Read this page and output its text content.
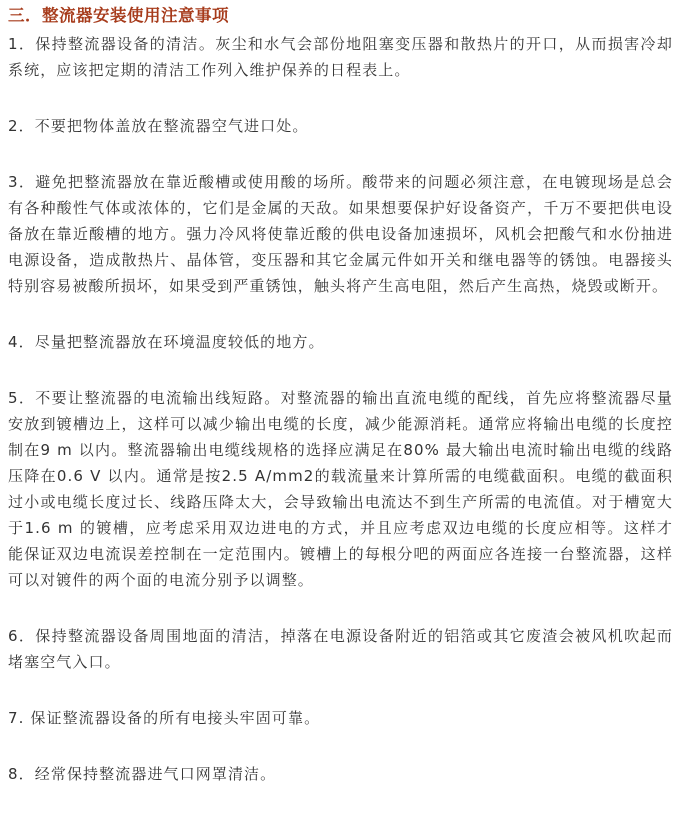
三．整流器安装使用注意事项

1．保持整流器设备的清洁。灰尘和水气会部份地阻塞变压器和散热片的开口，从而损害冷却系统，应该把定期的清洁工作列入维护保养的日程表上。

2．不要把物体盖放在整流器空气进口处。

3．避免把整流器放在靠近酸槽或使用酸的场所。酸带来的问题必须注意，在电镀现场是总会有各种酸性气体或浓体的，它们是金属的天敌。如果想要保护好设备资产，千万不要把供电设备放在靠近酸槽的地方。强力冷风将使靠近酸的供电设备加速损坏，风机会把酸气和水份抽进电源设备，造成散热片、晶体管，变压器和其它金属元件如开关和继电器等的锈蚀。电器接头特别容易被酸所损坏，如果受到严重锈蚀，触头将产生高电阻，然后产生高热，烧毁或断开。

4．尽量把整流器放在环境温度较低的地方。

5．不要让整流器的电流输出线短路。对整流器的输出直流电缆的配线，首先应将整流器尽量安放到镀槽边上，这样可以减少输出电缆的长度，减少能源消耗。通常应将输出电缆的长度控制在9 m 以内。整流器输出电缆线规格的选择应满足在80% 最大输出电流时输出电缆的线路压降在0.6 V 以内。通常是按2.5 A/mm2的载流量来计算所需的电缆截面积。电缆的截面积过小或电缆长度过长、线路压降太大，会导致输出电流达不到生产所需的电流值。对于槽宽大于1.6 m 的镀槽，应考虑采用双边进电的方式，并且应考虑双边电缆的长度应相等。这样才能保证双边电流误差控制在一定范围内。镀槽上的每根分吧的两面应各连接一台整流器，这样可以对镀件的两个面的电流分别予以调整。

6．保持整流器设备周围地面的清洁，掉落在电源设备附近的铝箔或其它废渣会被风机吹起而堵塞空气入口。

7. 保证整流器设备的所有电接头牢固可靠。

8．经常保持整流器进气口网罩清洁。
